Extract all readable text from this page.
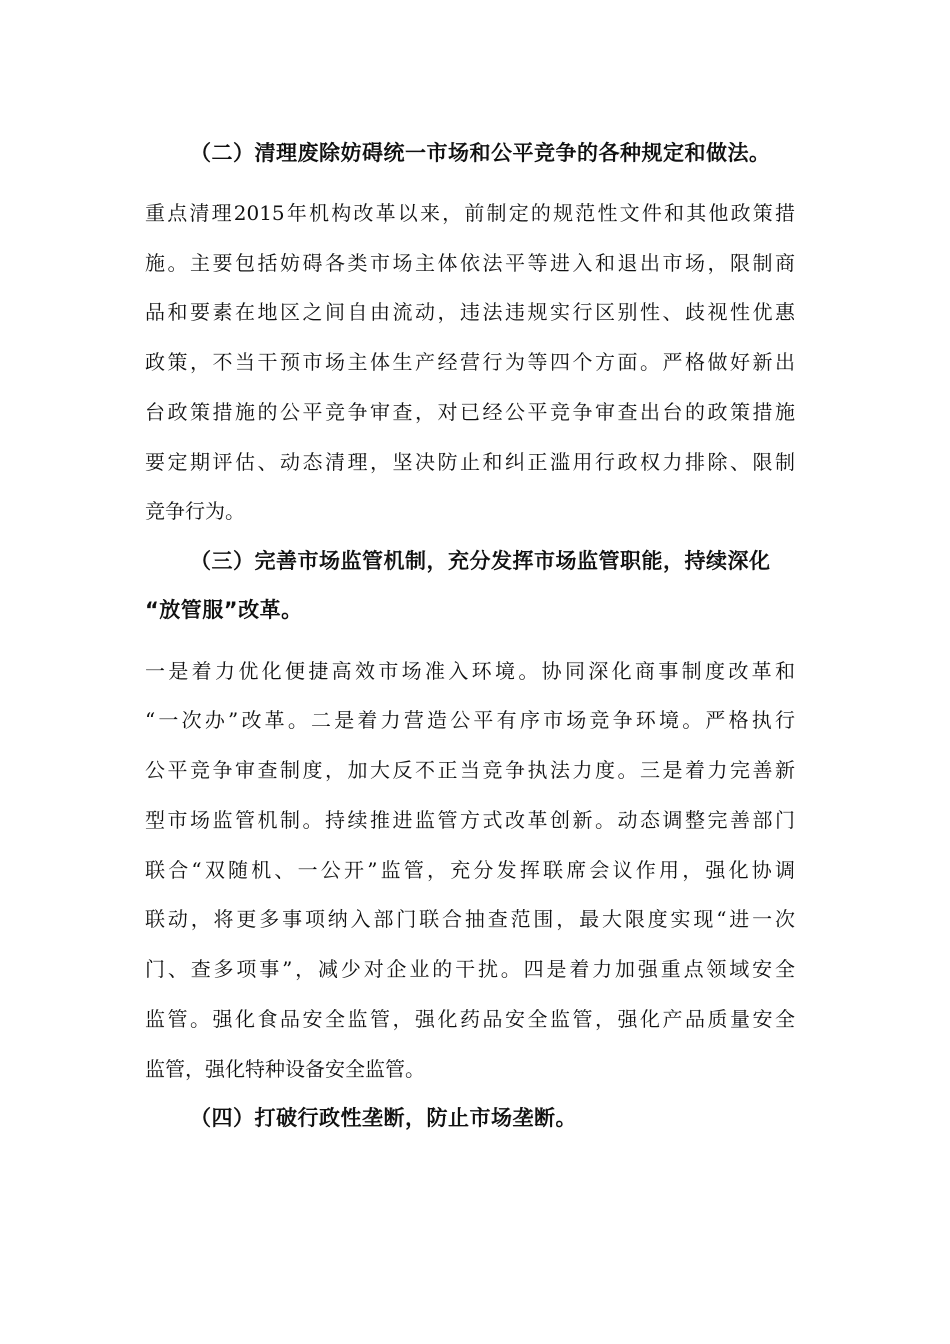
（二）清理废除妨碍统一市场和公平竞争的各种规定和做法。
重点清理2015年机构改革以来，前制定的规范性文件和其他政策措
施。主要包括妨碍各类市场主体依法平等进入和退出市场，限制商
品和要素在地区之间自由流动，违法违规实行区别性、歧视性优惠
政策，不当干预市场主体生产经营行为等四个方面。严格做好新出
台政策措施的公平竞争审查，对已经公平竞争审查出台的政策措施
要定期评估、动态清理，坚决防止和纠正滥用行政权力排除、限制
竞争行为。
（三）完善市场监管机制，充分发挥市场监管职能，持续深化
“放管服”改革。
一是着力优化便捷高效市场准入环境。协同深化商事制度改革和
“一次办”改革。二是着力营造公平有序市场竞争环境。严格执行
公平竞争审查制度，加大反不正当竞争执法力度。三是着力完善新
型市场监管机制。持续推进监管方式改革创新。动态调整完善部门
联合“双随机、一公开”监管，充分发挥联席会议作用，强化协调
联动，将更多事项纳入部门联合抽查范围，最大限度实现“进一次
门、查多项事”，减少对企业的干扰。四是着力加强重点领域安全
监管。强化食品安全监管，强化药品安全监管，强化产品质量安全
监管，强化特种设备安全监管。
（四）打破行政性垄断，防止市场垄断。
